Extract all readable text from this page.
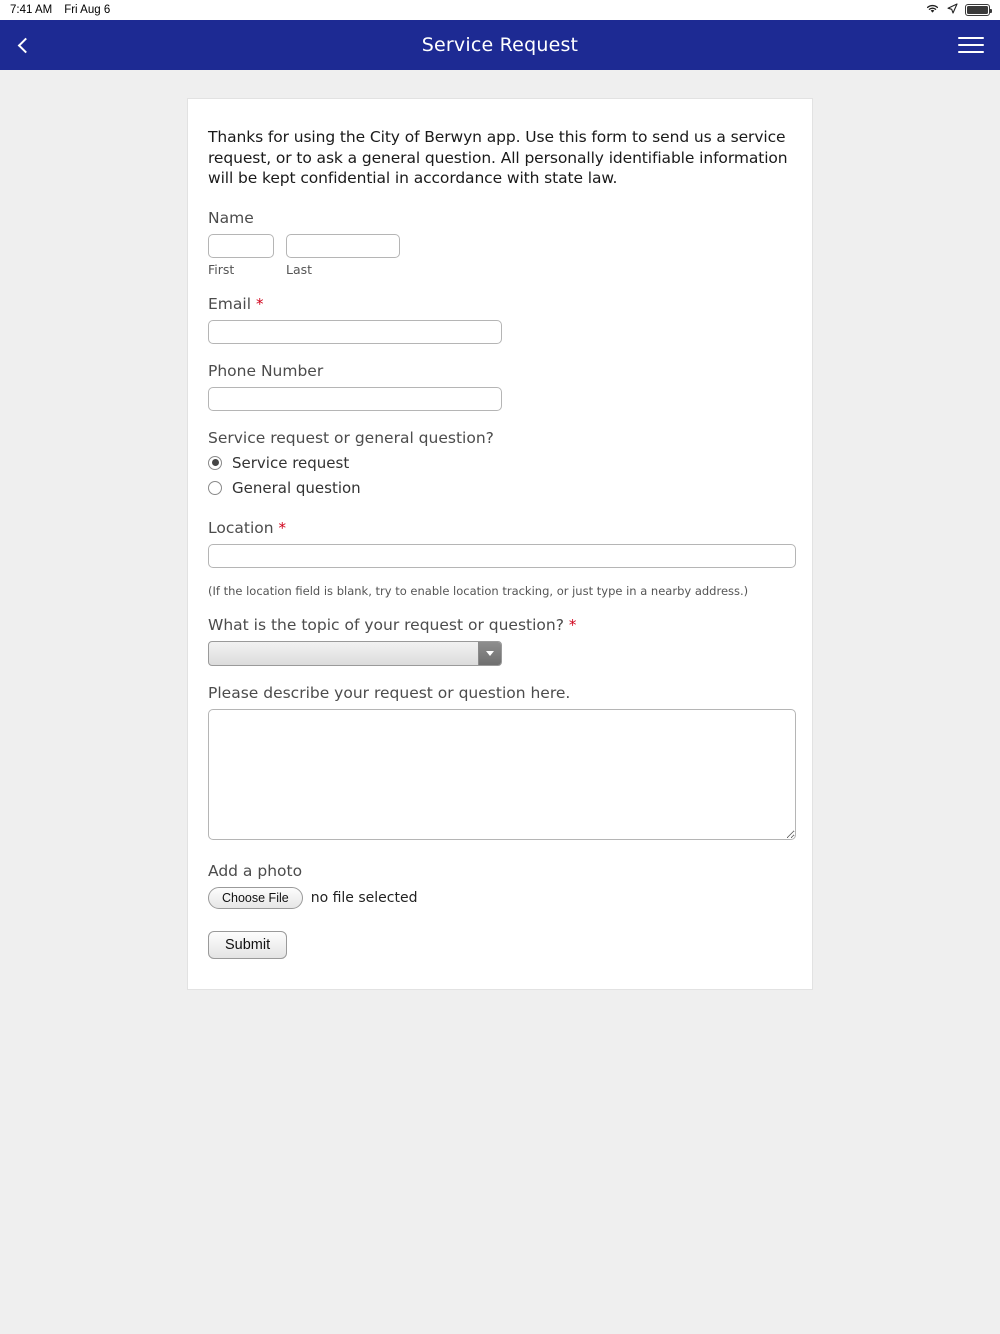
7:41 AM Fri Aug 6
Service Request

Thanks for using the City of Berwyn app. Use this form to send us a service request, or to ask a general question. All personally identifiable information will be kept confidential in accordance with state law.

Name
First	Last
Email *
Phone Number
Service request or general question?
Service request
General question
Location *
(If the location field is blank, try to enable location tracking, or just type in a nearby address.)
What is the topic of your request or question? *
Please describe your request or question here.
Add a photo
Choose File	no file selected
Submit
